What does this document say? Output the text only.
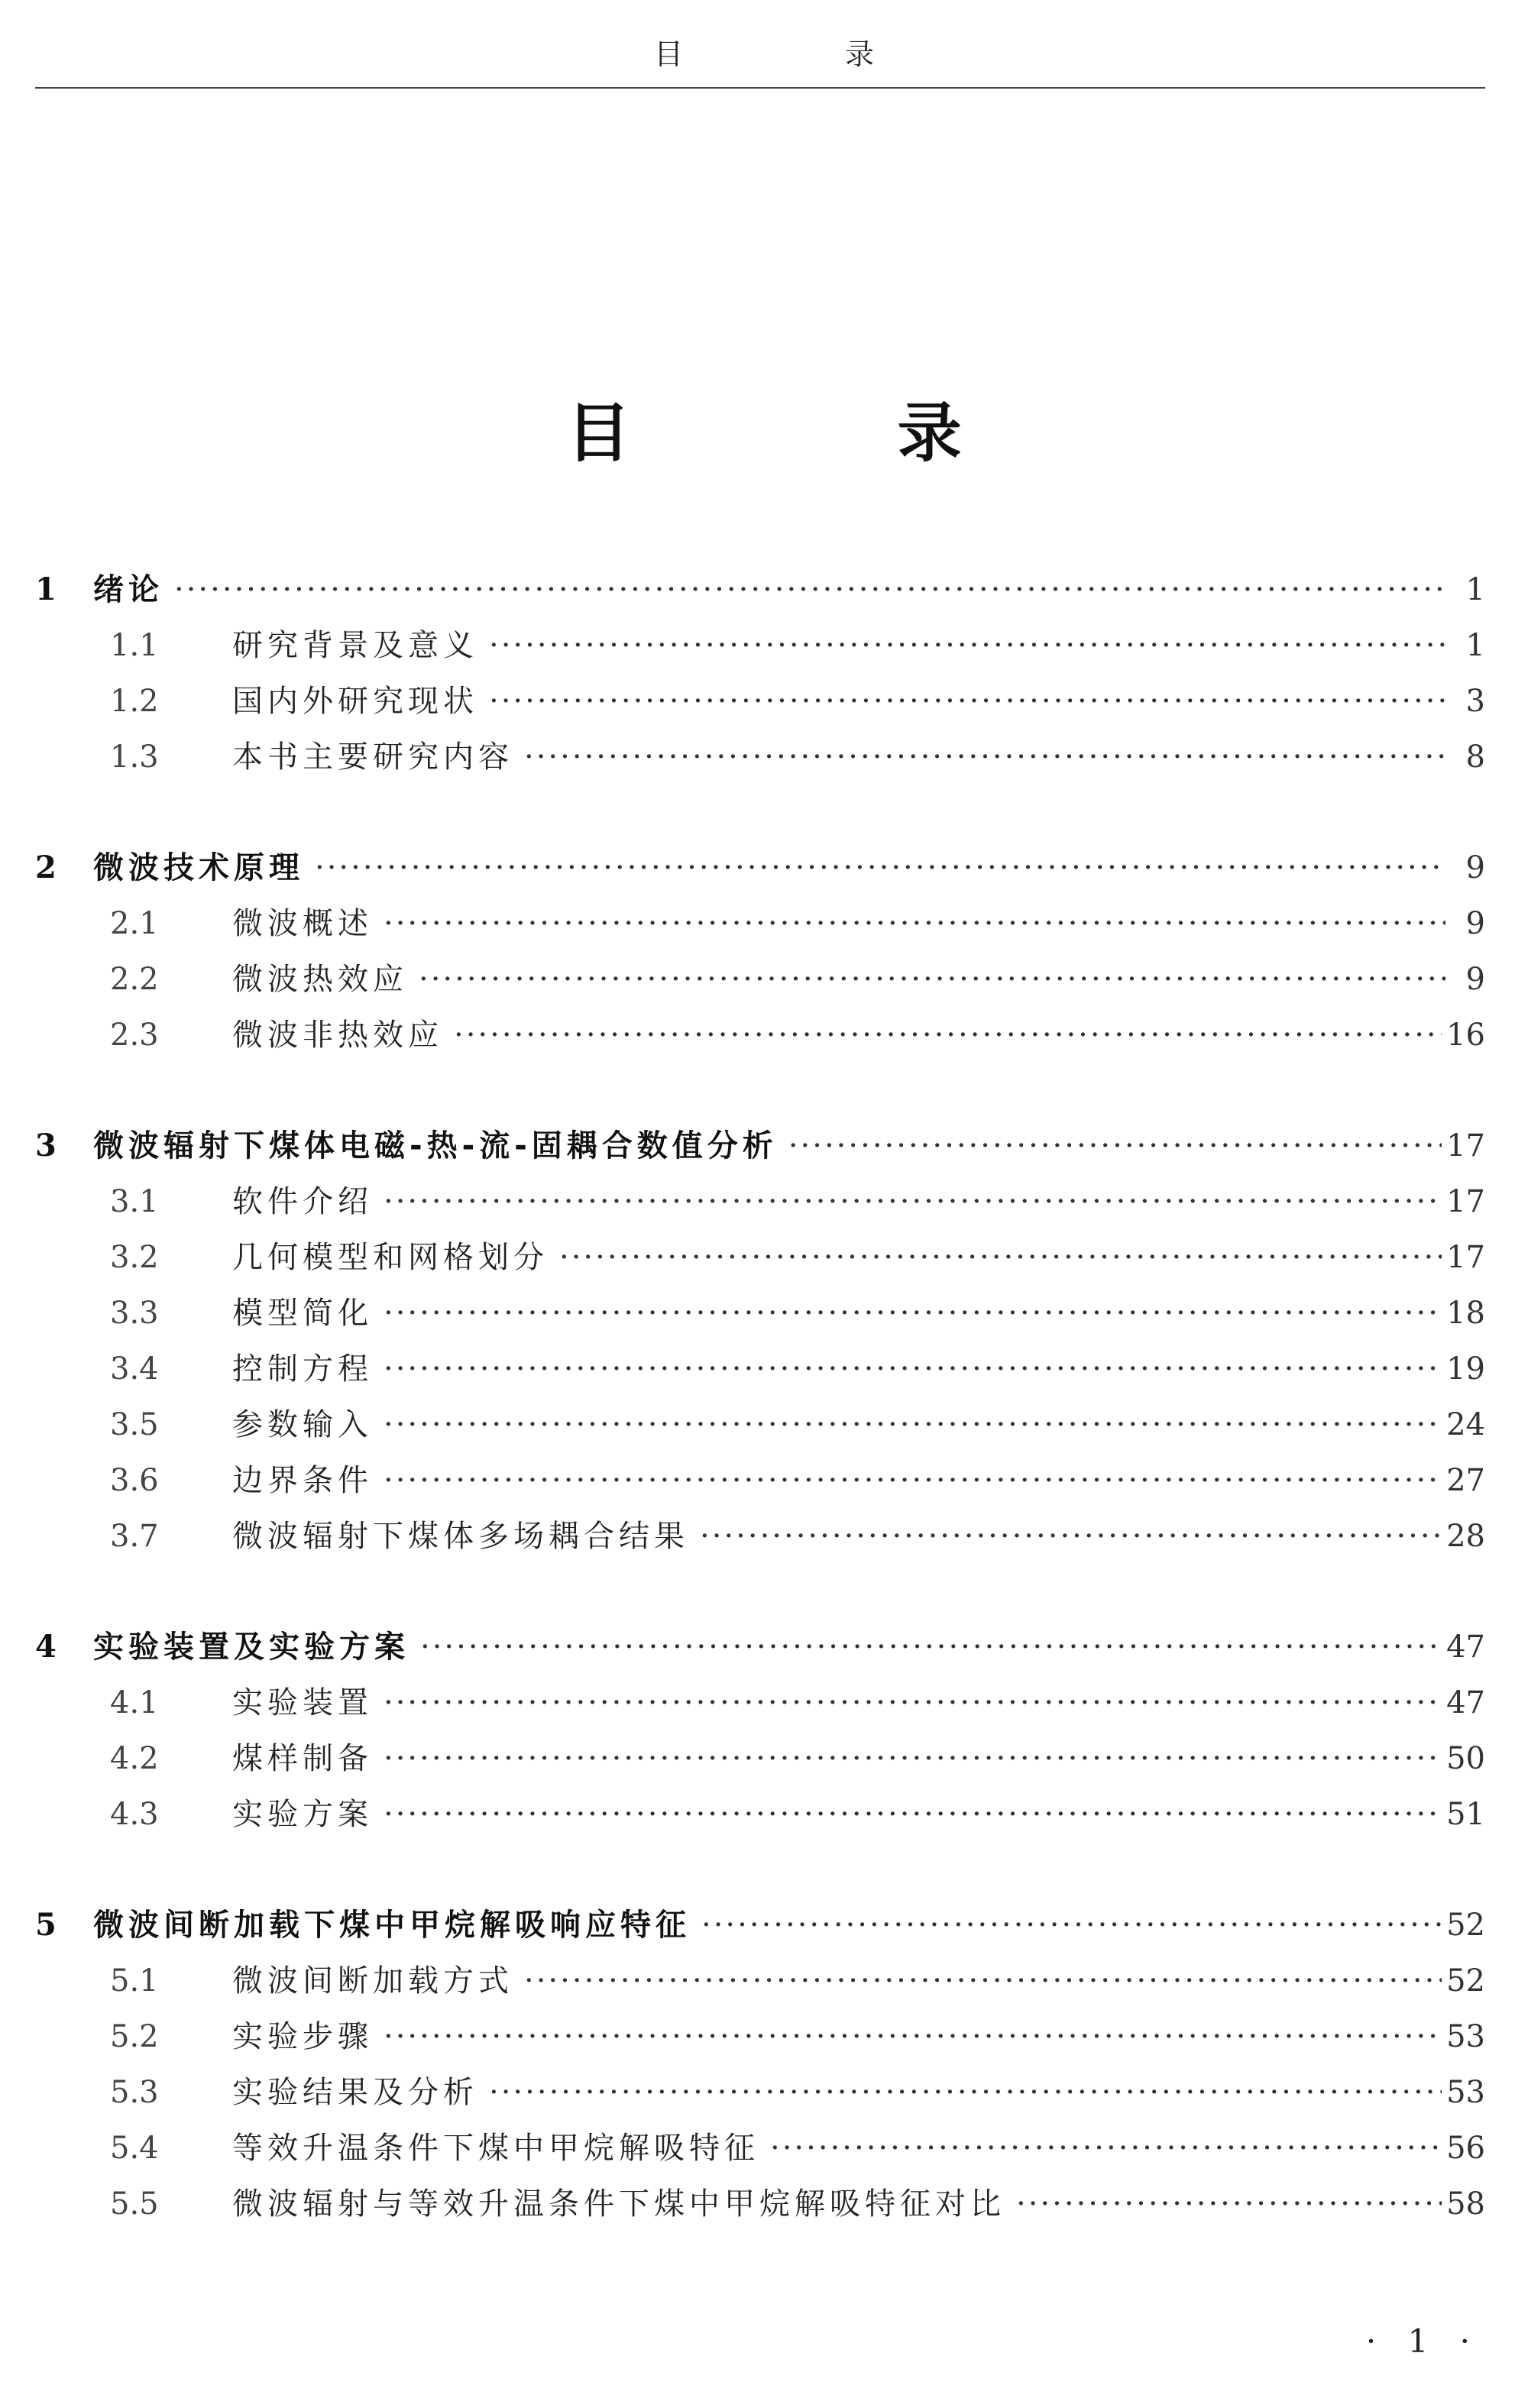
目 录
目 录
1	绪论 ·····	1
1.1	研究背景及意义 ·····	1
1.2	国内外研究现状 ·····	3
1.3	本书主要研究内容 ·····	8
2	微波技术原理 ·····	9
2.1	微波概述 ·····	9
2.2	微波热效应 ·····	9
2.3	微波非热效应 ·····	16
3	微波辐射下煤体电磁-热-流-固耦合数值分析 ·····	17
3.1	软件介绍 ·····	17
3.2	几何模型和网格划分 ·····	17
3.3	模型简化 ·····	18
3.4	控制方程 ·····	19
3.5	参数输入 ·····	24
3.6	边界条件 ·····	27
3.7	微波辐射下煤体多场耦合结果 ·····	28
4	实验装置及实验方案 ·····	47
4.1	实验装置 ·····	47
4.2	煤样制备 ·····	50
4.3	实验方案 ·····	51
5	微波间断加载下煤中甲烷解吸响应特征 ·····	52
5.1	微波间断加载方式 ·····	52
5.2	实验步骤 ·····	53
5.3	实验结果及分析 ·····	53
5.4	等效升温条件下煤中甲烷解吸特征 ·····	56
5.5	微波辐射与等效升温条件下煤中甲烷解吸特征对比 ·····	58
· 1 ·
